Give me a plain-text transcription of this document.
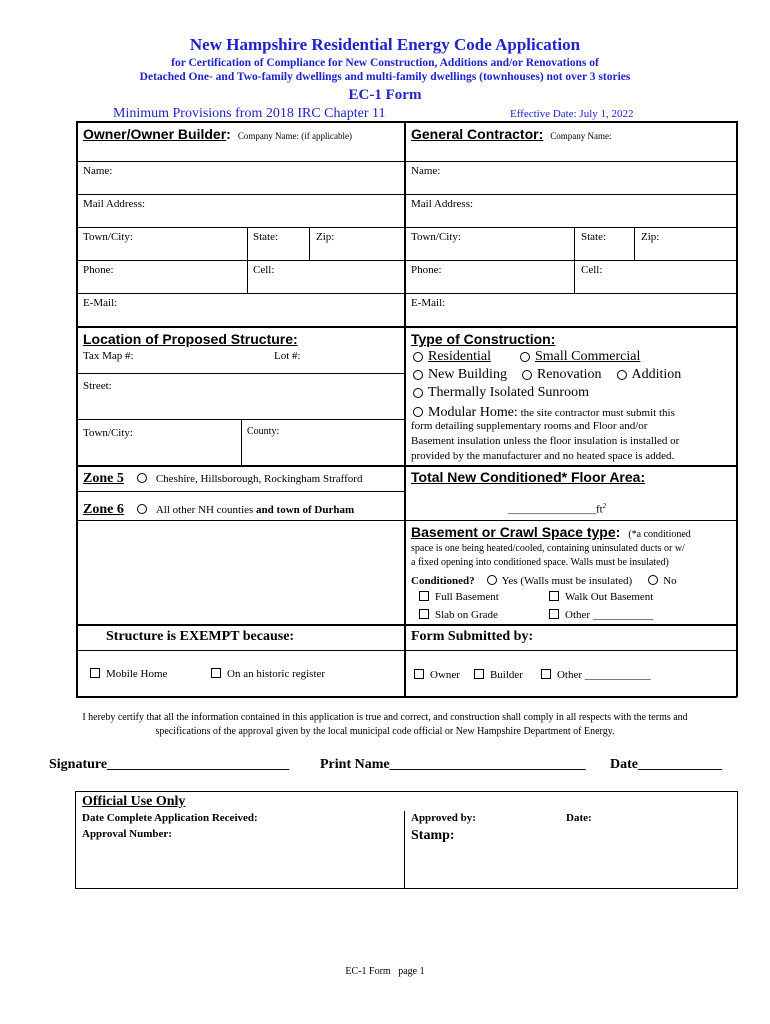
New Hampshire Residential Energy Code Application
for Certification of Compliance for New Construction, Additions and/or Renovations of
Detached One- and Two-family dwellings and multi-family dwellings (townhouses) not over 3 stories
EC-1 Form
Minimum Provisions from 2018 IRC Chapter 11	Effective Date: July 1, 2022
Owner/Owner Builder: Company Name: (if applicable)
Name:
Mail Address:
Town/City:	State:	Zip:
Phone:	Cell:
E-Mail:
General Contractor: Company Name:
Name:
Mail Address:
Town/City:	State:	Zip:
Phone:	Cell:
E-Mail:
Location of Proposed Structure:
Tax Map #:	Lot #:
Street:
Town/City:	County:
Zone 5	Cheshire, Hillsborough, Rockingham Strafford
Zone 6	All other NH counties and town of Durham
Type of Construction:
Residential	Small Commercial
New Building Renovation Addition
Thermally Isolated Sunroom
Modular Home: the site contractor must submit this
form detailing supplementary rooms and Floor and/or
Basement insulation unless the floor insulation is installed or
provided by the manufacturer and no heated space is added.
Total New Conditioned* Floor Area:
$\_\_\_\_\_\_\_\_\_\_\_\_\_\_\_\_ft^2$
Basement or Crawl Space type: (*a conditioned
space is one being heated/cooled, containing uninsulated ducts or w/
a fixed opening into conditioned space. Walls must be insulated)
Conditioned? Yes (Walls must be insulated)	No
Full Basement	Walk Out Basement
Slab on Grade	Other ___________
Structure is EXEMPT because:
Mobile Home	On an historic register
Form Submitted by:
Owner	Builder	Other ____________
I hereby certify that all the information contained in this application is true and correct, and construction shall comply in all respects with the terms and
specifications of the approval given by the local municipal code official or New Hampshire Department of Energy.
Signature__________________________ Print Name____________________________ Date____________
Official Use Only
Date Complete Application Received:
Approval Number:
Approved by:	Date:
Stamp:
EC-1 Form   page 1
